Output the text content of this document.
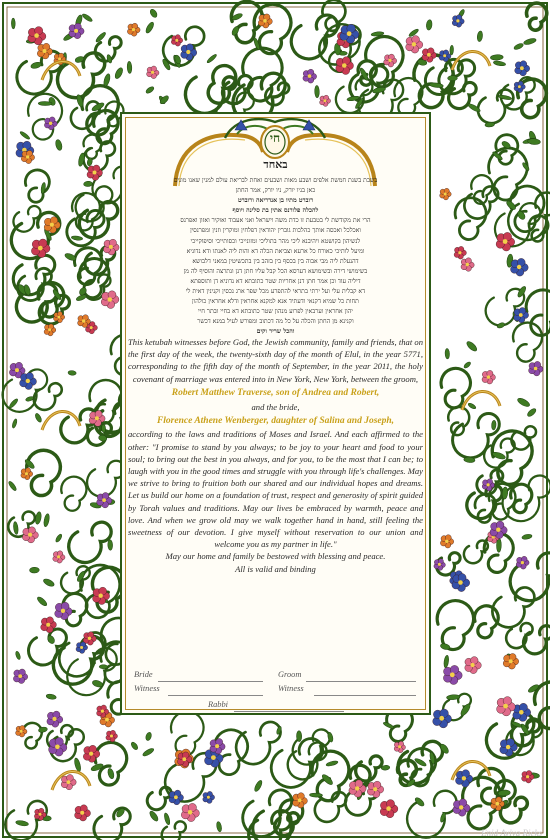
חי
באחד
בשבת בשנת חמשת אלפים ושבע מאות ושבעים ואחת לבריאת עולם למנין שאנו מונים
כאן בניו יורק, ניו יורק, אמר החתן
רוברט מתיו בן אנדריאה ורוברט
להכלה פלורנס אתין בת סלינה ויוסף
הרי את מקודשת לי בטבעת זו כדת משה וישראל ואני אעבוד ואוקיר ואזון ואפרנס
ואכלכל ואכסה אותך כהלכות גוברין יהודאין דפלחין ומוקרין וזנין ומפרנסין
לנשיהון בקושטא ויהיבנא ליכי מהר בתוליכי ומזונייכי וכסותייכי וסיפוקייכי
ומיעל לותיכי כאורח כל ארעא וצביאת הכלה דא והות ליה לאנתו ודא נדוניא
דהנעלת ליה מבי אבוה בין בכסף בין בזהב בין בתכשיטין במאני דלבושא
בשימושי דירה ובשימושא דערסא הכל קבל עליו חתן דנן ונתרצה והוסיף לה מן
דיליה עוד וכן אמר חתן דנן אחריות שטר כתובתא דא נדוניא דן ותוספתא
דא קבלית עלי ועל ירתי בתראי להתפרע מכל שפר ארג נכסין וקנינין דאית לי
תחות כל שמיא דקנאי ודעתיד אנא למקנא אחראין ודלא אחראין כולהון
יהון אחראין וערבאין לפרוע מנהון שטר כתובתא דא בחיי ובתר חיי
וקנינא מן החתן והכלה על כל מה דכתוב ומפורש לעיל במנא דכשר
והכל שריר וקים

This ketubah witnesses before God, the Jewish community, family and friends, that on the first day of the week, the twenty-sixth day of the month of Elul, in the year 5771, corresponding to the fifth day of the month of September, in the year 2011, the holy covenant of marriage was entered into in New York, New York, between the groom,

Robert Matthew Traverse, son of Andrea and Robert,

and the bride,

Florence Athene Wenberger, daughter of Salina and Joseph,

according to the laws and traditions of Moses and Israel. And each affirmed to the other: "I promise to stand by you always; to be joy to your heart and food to your soul; to bring out the best in you always, and for you, to be the most that I can be; to laugh with you in the good times and struggle with you through life's challenges. May we strive to bring to fruition both our shared and our individual hopes and dreams. Let us build our home on a foundation of trust, respect and generosity of spirit guided by Torah values and traditions. May our lives be embraced by warmth, peace and love. And when we grow old may we walk together hand in hand, still feeling the sweetness of our devotion. I give myself without reservation to our union and welcome you as my partner in life."

May our home and family be bestowed with blessing and peace.

All is valid and binding

Bride	Groom
Witness	Witness
Rabbi
Enid Aviva Ricks
